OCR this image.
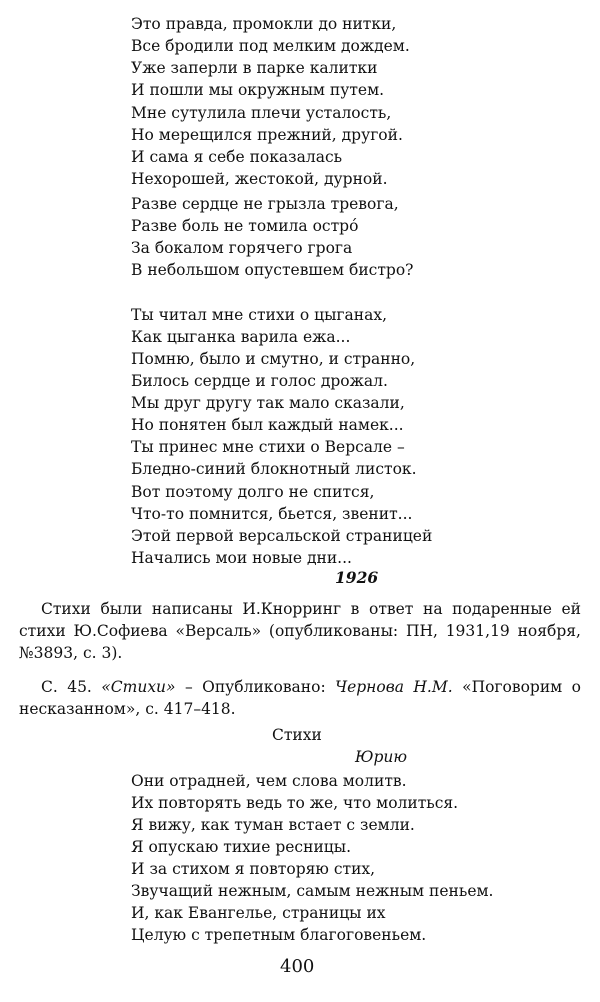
Это правда, промокли до нитки,
Все бродили под мелким дождем.
Уже заперли в парке калитки
И пошли мы окружным путем.
Мне сутулила плечи усталость,
Но мерещился прежний, другой.
И сама я себе показалась
Нехорошей, жестокой, дурной.
Разве сердце не грызла тревога,
Разве боль не томила остро́
За бокалом горячего грога
В небольшом опустевшем бистро?
Ты читал мне стихи о цыганах,
Как цыганка варила ежа...
Помню, было и смутно, и странно,
Билось сердце и голос дрожал.
Мы друг другу так мало сказали,
Но понятен был каждый намек...
Ты принес мне стихи о Версале –
Бледно-синий блокнотный листок.
Вот поэтому долго не спится,
Что-то помнится, бьется, звенит...
Этой первой версальской страницей
Начались мои новые дни...
1926

Стихи были написаны И.Кнорринг в ответ на подаренные ей стихи Ю.Софиева «Версаль» (опубликованы: ПН, 1931,19 ноября, №3893, с. 3).

С. 45. «Стихи» – Опубликовано: Чернова Н.М. «Поговорим о несказанном», с. 417–418.

Стихи
Юрию
Они отрадней, чем слова молитв.
Их повторять ведь то же, что молиться.
Я вижу, как туман встает с земли.
Я опускаю тихие ресницы.
И за стихом я повторяю стих,
Звучащий нежным, самым нежным пеньем.
И, как Евангелье, страницы их
Целую с трепетным благоговеньем.
400
